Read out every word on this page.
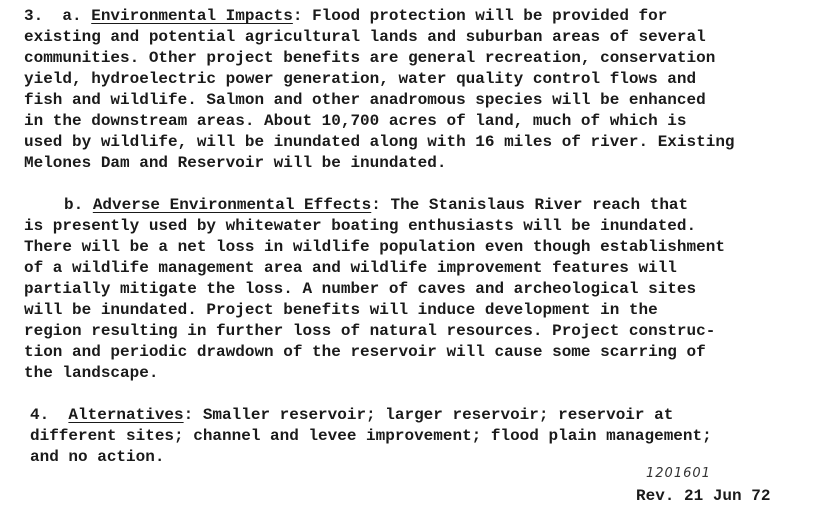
3. a. Environmental Impacts: Flood protection will be provided for
existing and potential agricultural lands and suburban areas of several
communities. Other project benefits are general recreation, conservation
yield, hydroelectric power generation, water quality control flows and
fish and wildlife. Salmon and other anadromous species will be enhanced
in the downstream areas. About 10,700 acres of land, much of which is
used by wildlife, will be inundated along with 16 miles of river. Existing
Melones Dam and Reservoir will be inundated.
b. Adverse Environmental Effects: The Stanislaus River reach that
is presently used by whitewater boating enthusiasts will be inundated.
There will be a net loss in wildlife population even though establishment
of a wildlife management area and wildlife improvement features will
partially mitigate the loss. A number of caves and archeological sites
will be inundated. Project benefits will induce development in the
region resulting in further loss of natural resources. Project construc-
tion and periodic drawdown of the reservoir will cause some scarring of
the landscape.
4. Alternatives: Smaller reservoir; larger reservoir; reservoir at
different sites; channel and levee improvement; flood plain management;
and no action.
1201601
Rev. 21 Jun 72
